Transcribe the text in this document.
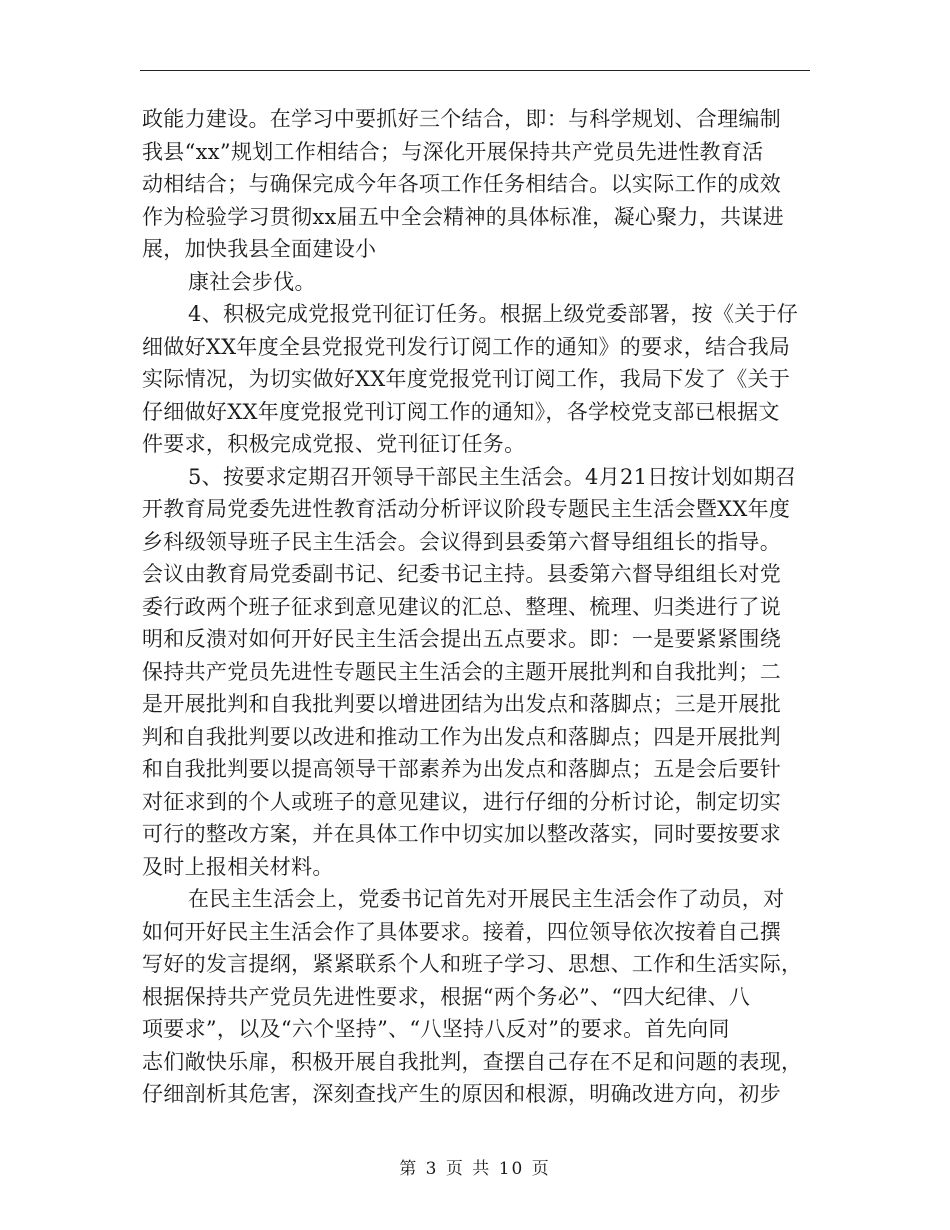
政能力建设。在学习中要抓好三个结合，即：与科学规划、合理编制
我县“xx”规划工作相结合；与深化开展保持共产党员先进性教育活
动相结合；与确保完成今年各项工作任务相结合。以实际工作的成效
作为检验学习贯彻xx届五中全会精神的具体标准，凝心聚力，共谋进
展，加快我县全面建设小
康社会步伐。
4、积极完成党报党刊征订任务。根据上级党委部署，按《关于仔
细做好XX年度全县党报党刊发行订阅工作的通知》的要求，结合我局
实际情况，为切实做好XX年度党报党刊订阅工作，我局下发了《关于
仔细做好XX年度党报党刊订阅工作的通知》，各学校党支部已根据文
件要求，积极完成党报、党刊征订任务。
5、按要求定期召开领导干部民主生活会。4月21日按计划如期召
开教育局党委先进性教育活动分析评议阶段专题民主生活会暨XX年度
乡科级领导班子民主生活会。会议得到县委第六督导组组长的指导。
会议由教育局党委副书记、纪委书记主持。县委第六督导组组长对党
委行政两个班子征求到意见建议的汇总、整理、梳理、归类进行了说
明和反溃对如何开好民主生活会提出五点要求。即：一是要紧紧围绕
保持共产党员先进性专题民主生活会的主题开展批判和自我批判；二
是开展批判和自我批判要以增进团结为出发点和落脚点；三是开展批
判和自我批判要以改进和推动工作为出发点和落脚点；四是开展批判
和自我批判要以提高领导干部素养为出发点和落脚点；五是会后要针
对征求到的个人或班子的意见建议，进行仔细的分析讨论，制定切实
可行的整改方案，并在具体工作中切实加以整改落实，同时要按要求
及时上报相关材料。
在民主生活会上，党委书记首先对开展民主生活会作了动员，对
如何开好民主生活会作了具体要求。接着，四位领导依次按着自己撰
写好的发言提纲，紧紧联系个人和班子学习、思想、工作和生活实际，
根据保持共产党员先进性要求，根据“两个务必”、“四大纪律、八
项要求”，以及“六个坚持”、“八坚持八反对”的要求。首先向同
志们敞快乐扉，积极开展自我批判，查摆自己存在不足和问题的表现，
仔细剖析其危害，深刻查找产生的原因和根源，明确改进方向，初步
第 3 页 共 10 页
